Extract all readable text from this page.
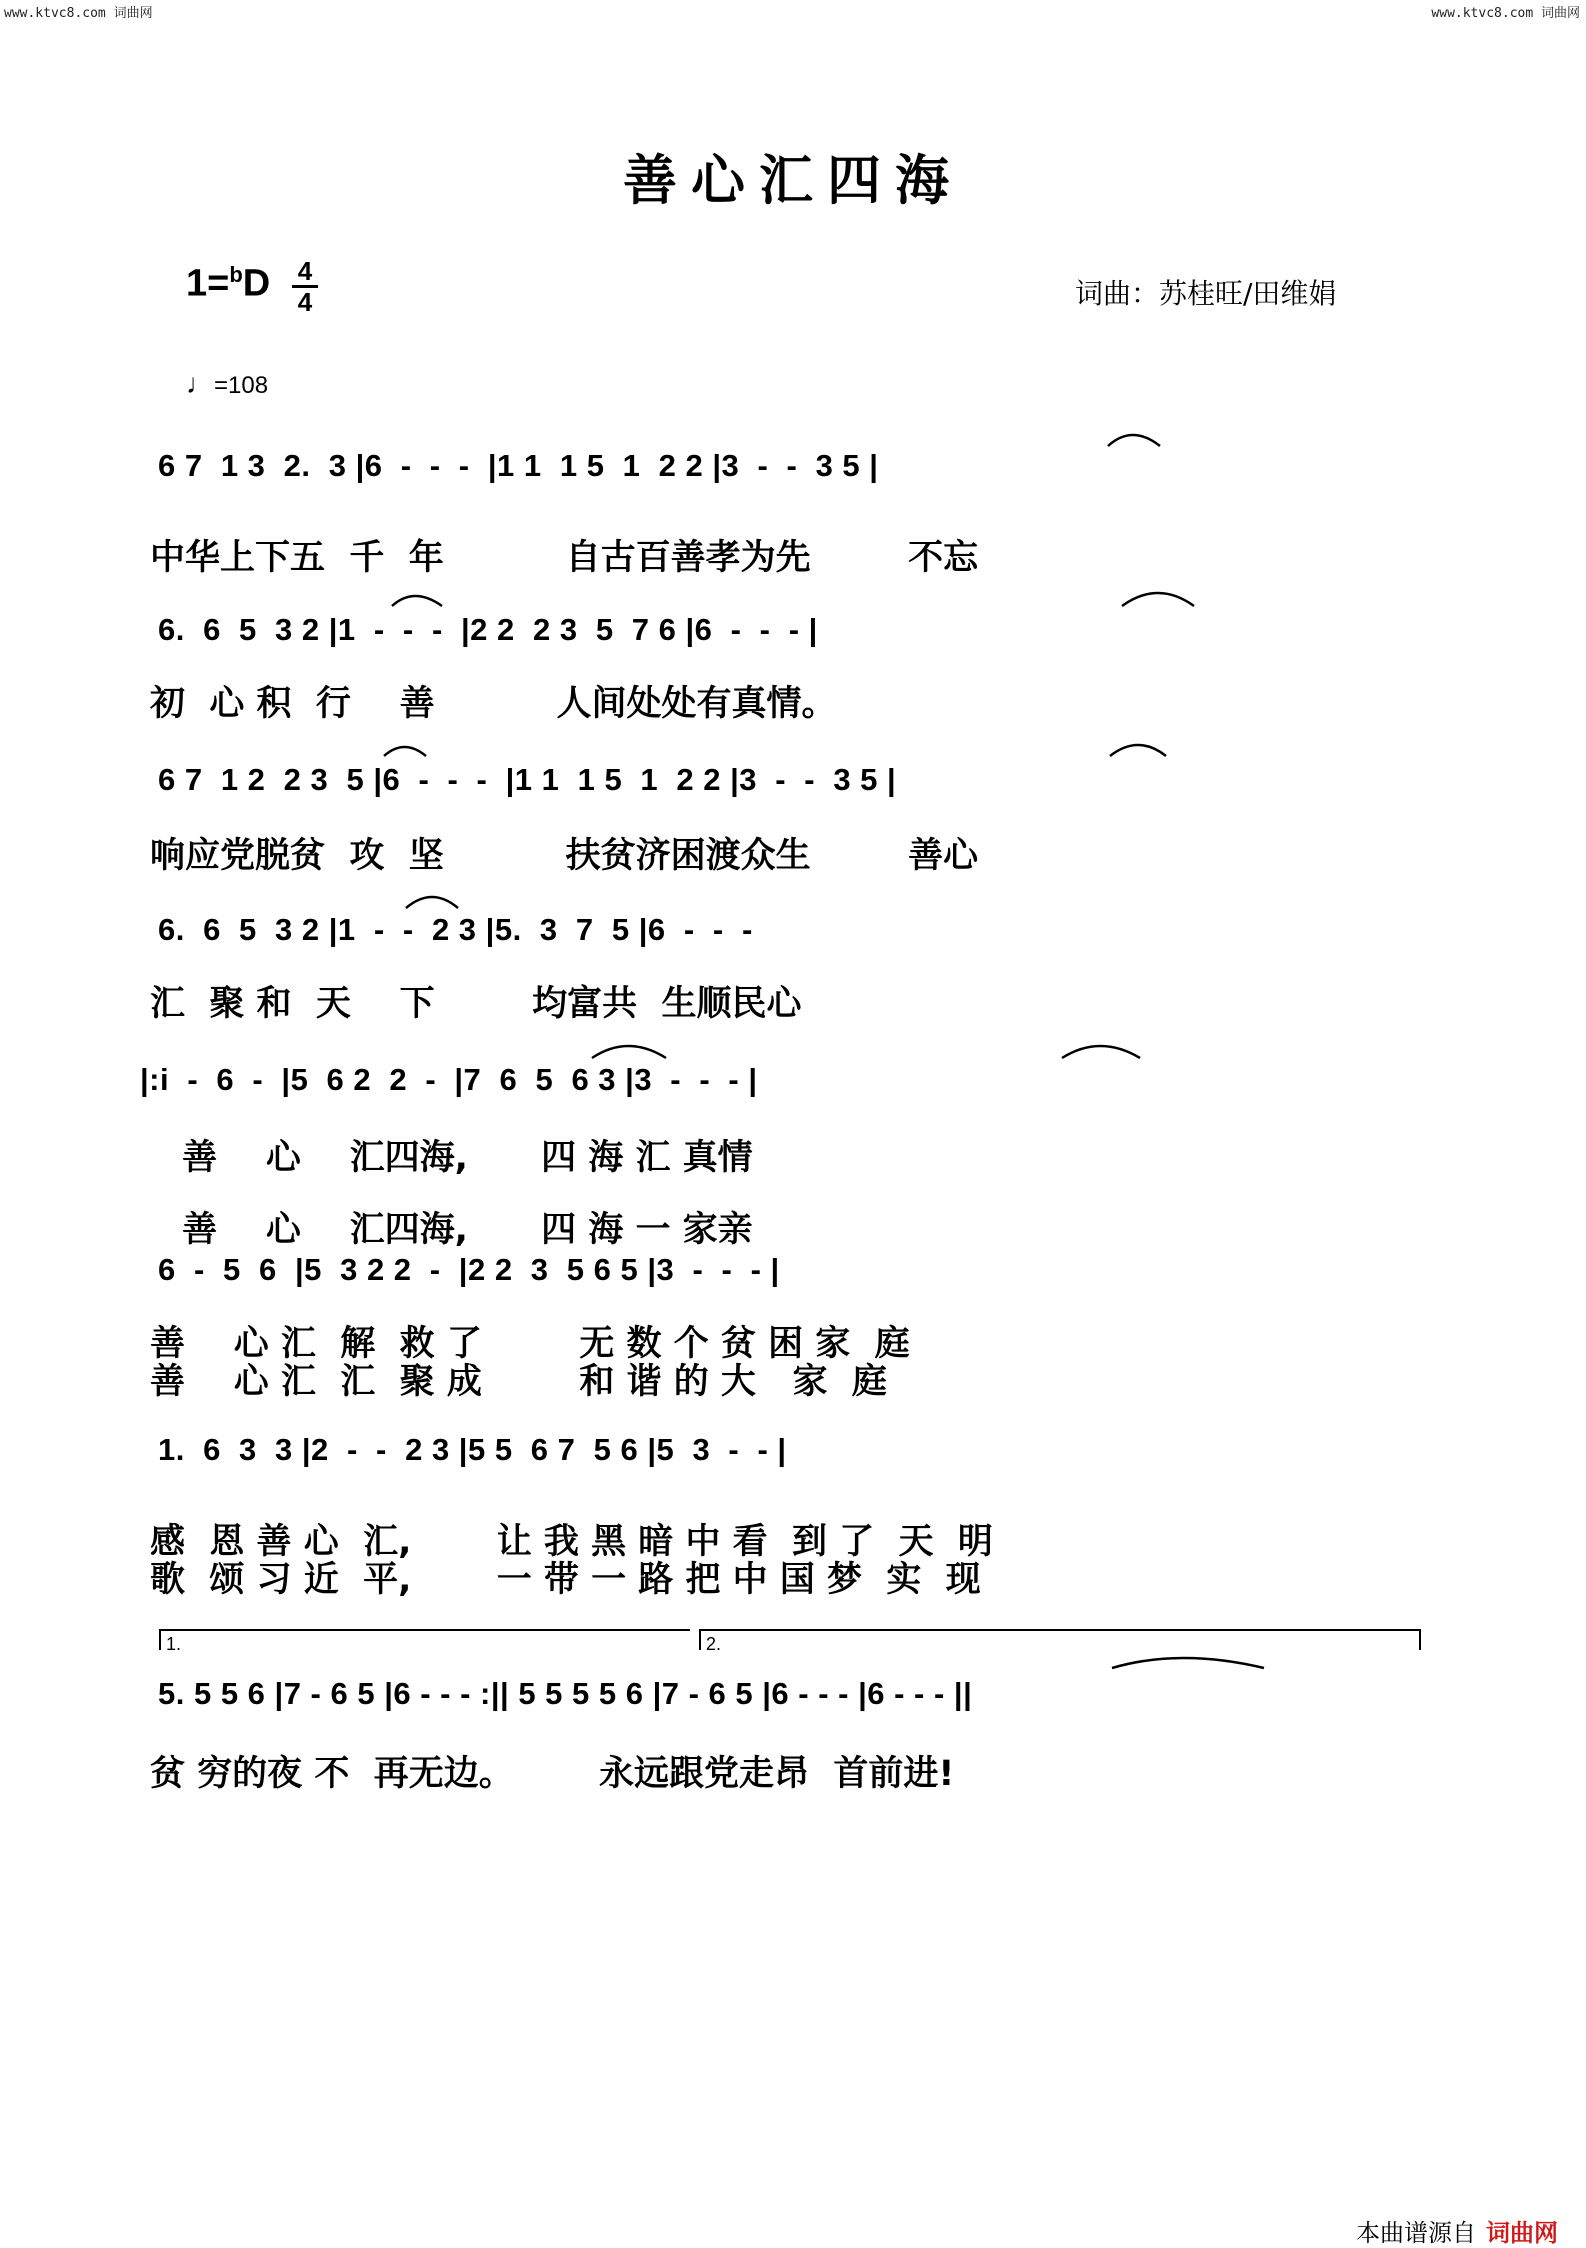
www.ktvc8.com 词曲网	www.ktvc8.com 词曲网
善心汇四海
1=$^b$D 4
4	词曲：苏桂旺/田维娟
♩=108
6 7  1 3  2.  3 |6  -  -  -  |1 1  1 5  1  2 2 |3  -  -  3 5 |
中华上下五  千  年          自古百善孝为先        不忘
6.  6  5  3 2 |1  -  -  -  |2 2  2 3  5  7 6 |6  -  -  - |
初  心 积  行    善          人间处处有真情。
6 7  1 2  2 3  5 |6  -  -  -  |1 1  1 5  1  2 2 |3  -  -  3 5 |
响应党脱贫  攻  坚          扶贫济困渡众生        善心
6.  6  5  3 2 |1  -  -  2 3 |5.  3  7  5 |6  -  -  -
汇  聚 和  天    下        均富共  生顺民心
|:i  -  6  -  |5  6 2  2  -  |7  6  5  6 3 |3  -  -  - |
善    心    汇四海,      四 海 汇 真情
善    心    汇四海,      四 海 一 家亲
6  -  5  6  |5  3 2 2  -  |2 2  3  5 6 5 |3  -  -  - |
善    心 汇  解  救 了        无 数 个 贫 困 家  庭
善    心 汇  汇  聚 成        和 谐 的 大   家  庭
1.  6  3  3 |2  -  -  2 3 |5 5  6 7  5 6 |5  3  -  - |
感  恩 善 心  汇,       让 我 黑 暗 中 看  到 了  天  明
歌  颂 习 近  平,       一 带 一 路 把 中 国 梦  实  现
1.	2.
5. 5 5 6 |7 - 6 5 |6 - - - :|| 5 5 5 5 6 |7 - 6 5 |6 - - - |6 - - - ||
贫 穷的夜 不  再无边。       永远跟党走昂  首前进!
本曲谱源自 词曲网
